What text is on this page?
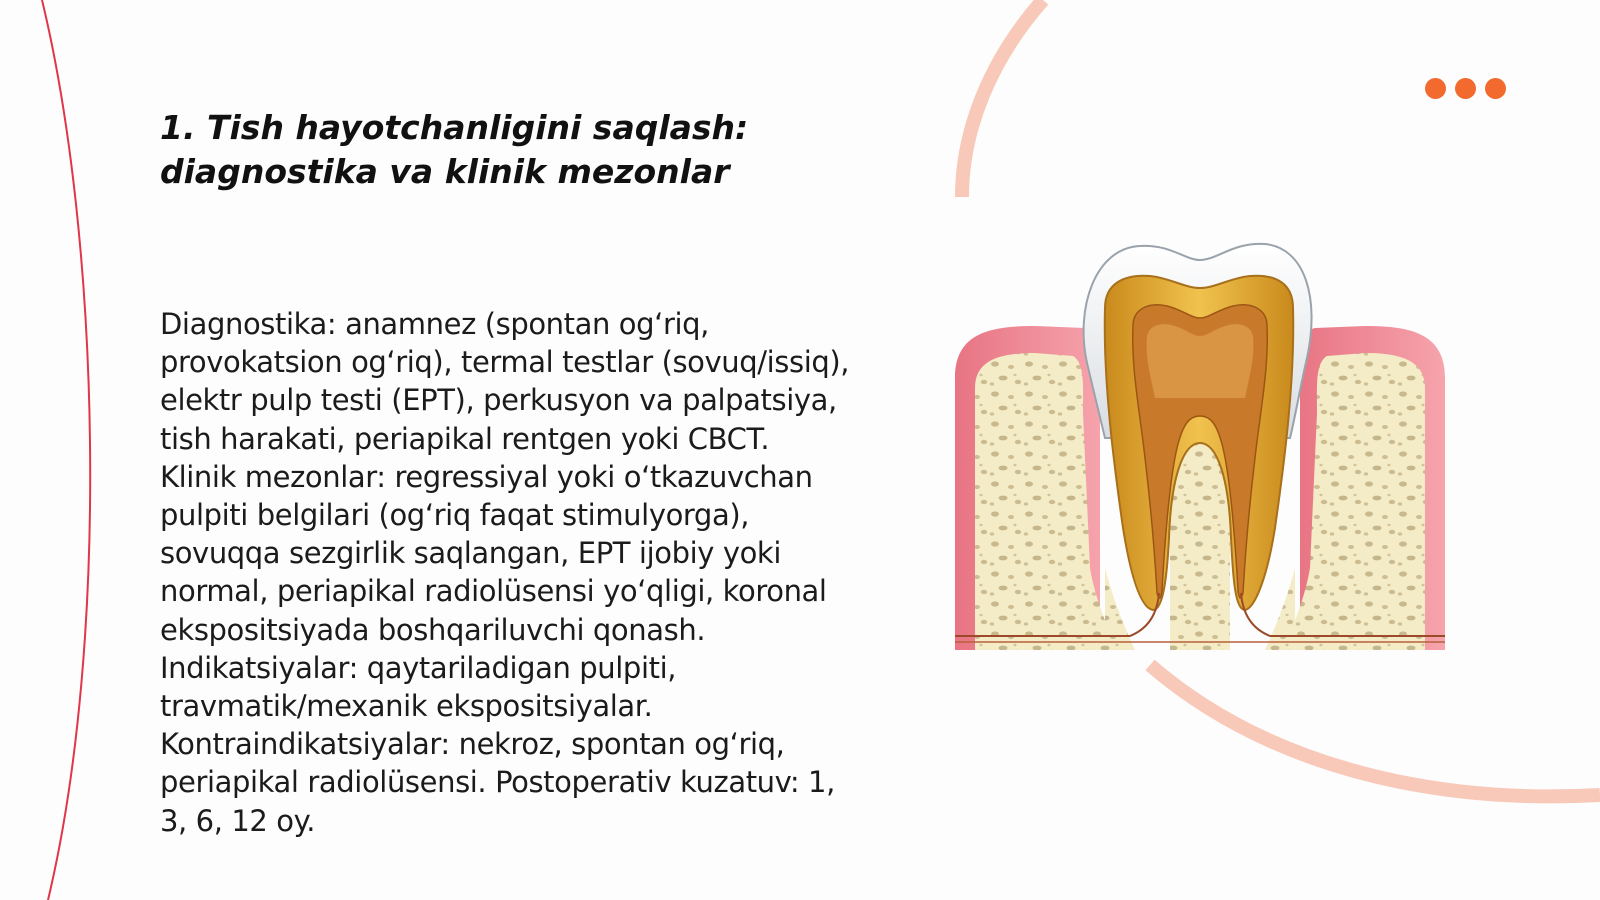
1. Tish hayotchanligini saqlash:
diagnostika va klinik mezonlar

Diagnostika: anamnez (spontan og‘riq, provokatsion og‘riq), termal testlar (sovuq/issiq), elektr pulp testi (EPT), perkusyon va palpatsiya, tish harakati, periapikal rentgen yoki CBCT. Klinik mezonlar: regressiyal yoki o‘tkazuvchan pulpiti belgilari (og‘riq faqat stimulyorga), sovuqqa sezgirlik saqlangan, EPT ijobiy yoki normal, periapikal radiolüsensi yo‘qligi, koronal ekspositsiyada boshqariluvchi qonash. Indikatsiyalar: qaytariladigan pulpiti, travmatik/mexanik ekspositsiyalar. Kontraindikatsiyalar: nekroz, spontan og‘riq, periapikal radiolüsensi. Postoperativ kuzatuv: 1, 3, 6, 12 oy.
